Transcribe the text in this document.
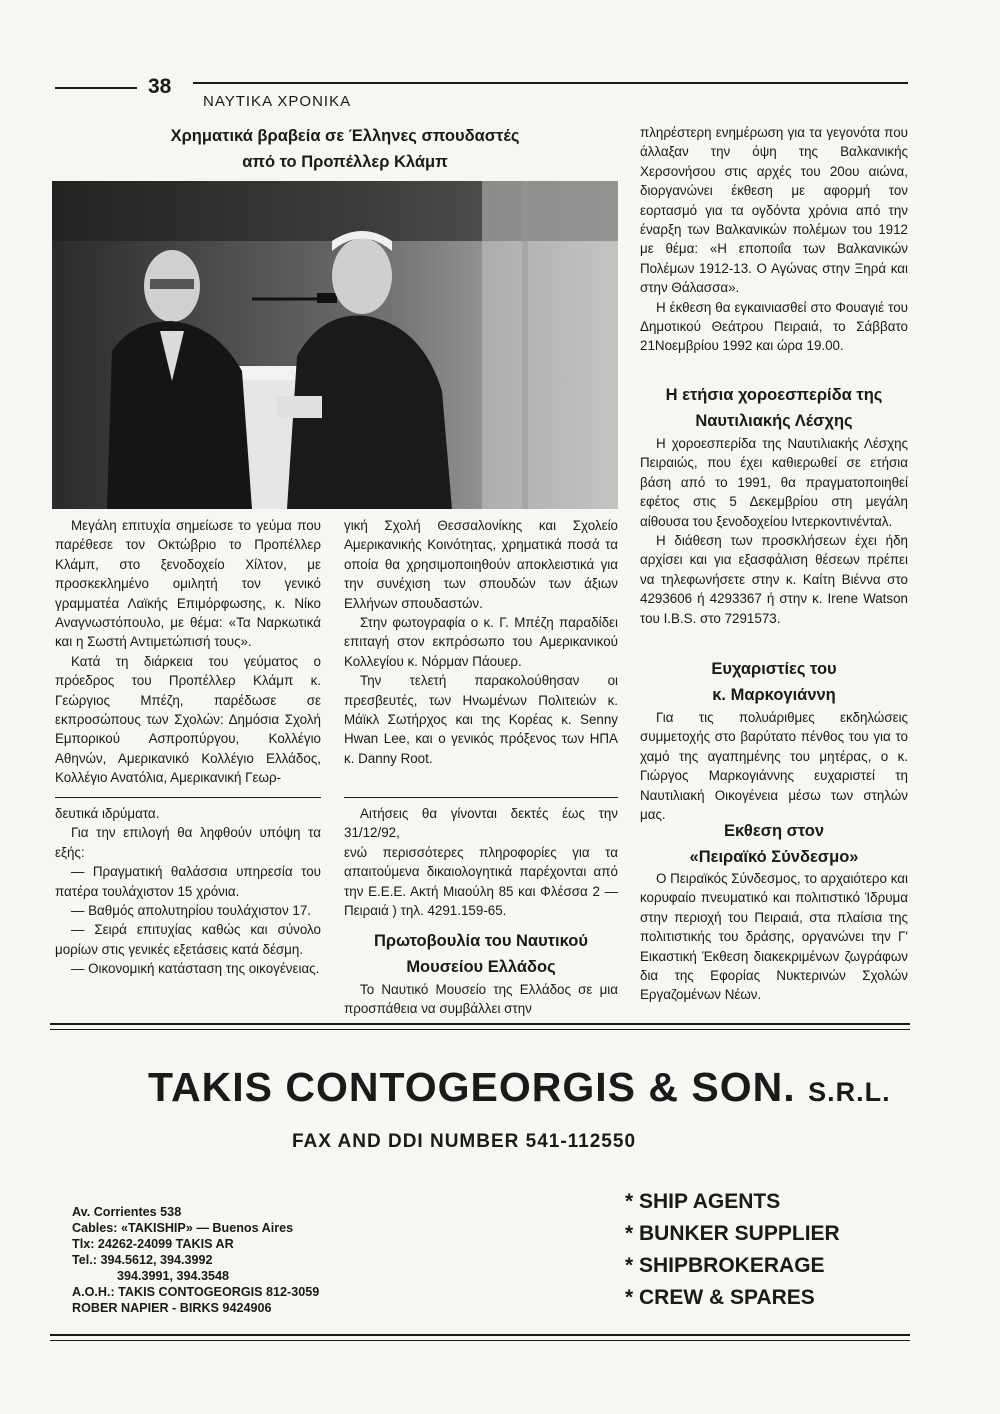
38
ΝΑΥΤΙΚΑ ΧΡΟΝΙΚΑ
Χρηματικά βραβεία σε Έλληνες σπουδαστές
από το Προπέλλερ Κλάμπ

Μεγάλη επιτυχία σημείωσε το γεύμα που παρέθεσε τον Οκτώβριο το Προπέλλερ Κλάμπ, στο ξενοδοχείο Χίλτον, με προσκεκλημένο ομιλητή τον γενικό γραμματέα Λαϊκής Επιμόρφωσης, κ. Νίκο Αναγνωστόπουλο, με θέμα: «Τα Ναρκωτικά και η Σωστή Αντιμετώπισή τους».

Κατά τη διάρκεια του γεύματος ο πρόεδρος του Προπέλλερ Κλάμπ κ. Γεώργιος Μπέζη, παρέδωσε σε εκπροσώπους των Σχολών: Δημόσια Σχολή Εμπορικού Ασπροπύργου, Κολλέγιο Αθηνών, Αμερικανικό Κολλέγιο Ελλάδος, Κολλέγιο Ανατόλια, Αμερικανική Γεωρ-

γική Σχολή Θεσσαλονίκης και Σχολείο Αμερικανικής Κοινότητας, χρηματικά ποσά τα οποία θα χρησιμοποιηθούν αποκλειστικά για την συνέχιση των σπουδών των άξιων Ελλήνων σπουδαστών.

Στην φωτογραφία ο κ. Γ. Μπέζη παραδίδει επιταγή στον εκπρόσωπο του Αμερικανικού Κολλεγίου κ. Νόρμαν Πάουερ.

Την τελετή παρακολούθησαν οι πρεσβευτές, των Ηνωμένων Πολιτειών κ. Μάϊκλ Σωτήρχος και της Κορέας κ. Senny Hwan Lee, και ο γενικός πρόξενος των ΗΠΑ κ. Danny Root.

δευτικά ιδρύματα.

Για την επιλογή θα ληφθούν υπόψη τα εξής:

— Πραγματική θαλάσσια υπηρεσία του πατέρα τουλάχιστον 15 χρόνια.

— Βαθμός απολυτηρίου τουλάχιστον 17.

— Σειρά επιτυχίας καθώς και σύνολο μορίων στις γενικές εξετάσεις κατά δέσμη.

— Οικονομική κατάσταση της οικογένειας.

Αιτήσεις θα γίνονται δεκτές έως την 31/12/92,

ενώ περισσότερες πληροφορίες για τα απαιτούμενα δικαιολογητικά παρέχονται από την Ε.Ε.Ε. Ακτή Μιαούλη 85 και Φλέσσα 2 — Πειραιά ) τηλ. 4291.159-65.

Πρωτοβουλία του Ναυτικού
Μουσείου Ελλάδος

Το Ναυτικό Μουσείο της Ελλάδος σε μια προσπάθεια να συμβάλλει στην

πληρέστερη ενημέρωση για τα γεγονότα που άλλαξαν την όψη της Βαλκανικής Χερσονήσου στις αρχές του 20ου αιώνα, διοργανώνει έκθεση με αφορμή τον εορτασμό για τα ογδόντα χρόνια από την έναρξη των Βαλκανικών πολέμων του 1912 με θέμα: «Η εποποιΐα των Βαλκανικών Πολέμων 1912-13. Ο Αγώνας στην Ξηρά και στην Θάλασσα».

Η έκθεση θα εγκαινιασθεί στο Φουαγιέ του Δημοτικού Θεάτρου Πειραιά, το Σάββατο 21Νοεμβρίου 1992 και ώρα 19.00.

Η ετήσια χοροεσπερίδα της
Ναυτιλιακής Λέσχης

Η χοροεσπερίδα της Ναυτιλιακής Λέσχης Πειραιώς, που έχει καθιερωθεί σε ετήσια βάση από το 1991, θα πραγματοποιηθεί εφέτος στις 5 Δεκεμβρίου στη μεγάλη αίθουσα του ξενοδοχείου Ιντερκοντινένταλ.

Η διάθεση των προσκλήσεων έχει ήδη αρχίσει και για εξασφάλιση θέσεων πρέπει να τηλεφωνήσετε στην κ. Καίτη Βιέννα στο 4293606 ή 4293367 ή στην κ. Irene Watson του I.B.S. στο 7291573.

Ευχαριστίες του
κ. Μαρκογιάννη

Για τις πολυάριθμες εκδηλώσεις συμμετοχής στο βαρύτατο πένθος του για το χαμό της αγαπημένης του μητέρας, ο κ. Γιώργος Μαρκογιάννης ευχαριστεί τη Ναυτιλιακή Οικογένεια μέσω των στηλών μας.

Εκθεση στον
«Πειραϊκό Σύνδεσμο»

Ο Πειραϊκός Σύνδεσμος, το αρχαιότερο και κορυφαίο πνευματικό και πολιτιστικό Ίδρυμα στην περιοχή του Πειραιά, στα πλαίσια της πολιτιστικής του δράσης, οργανώνει την Γ' Εικαστική Έκθεση διακεκριμένων ζωγράφων δια της Εφορίας Νυκτερινών Σχολών Εργαζομένων Νέων.

TAKIS CONTOGEORGIS & SON. S.R.L.
FAX AND DDI NUMBER 541-112550
Av. Corrientes 538
Cables: «TAKISHIP» — Buenos Aires
Tlx: 24262-24099 TAKIS AR
Tel.: 394.5612, 394.3992
394.3991, 394.3548
A.O.H.: TAKIS CONTOGEORGIS 812-3059
ROBER NAPIER - BIRKS 9424906
* SHIP AGENTS
* BUNKER SUPPLIER
* SHIPBROKERAGE
* CREW & SPARES
